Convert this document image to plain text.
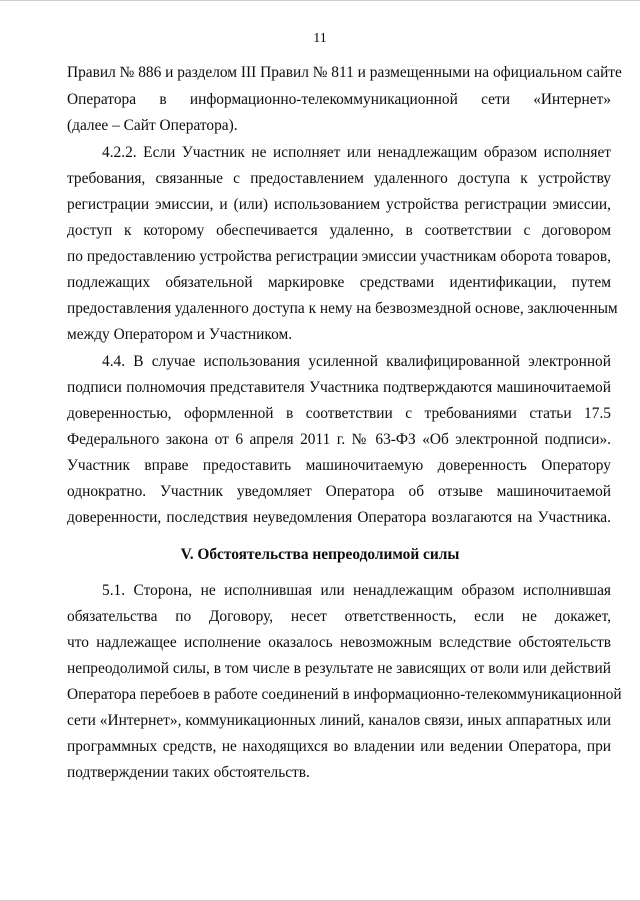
11
Правил № 886 и разделом III Правил № 811 и размещенными на официальном сайте
Оператора в информационно-телекоммуникационной сети «Интернет»
(далее – Сайт Оператора).
4.2.2. Если Участник не исполняет или ненадлежащим образом исполняет
требования, связанные с предоставлением удаленного доступа к устройству
регистрации эмиссии, и (или) использованием устройства регистрации эмиссии,
доступ к которому обеспечивается удаленно, в соответствии с договором
по предоставлению устройства регистрации эмиссии участникам оборота товаров,
подлежащих обязательной маркировке средствами идентификации, путем
предоставления удаленного доступа к нему на безвозмездной основе, заключенным
между Оператором и Участником.
4.4. В случае использования усиленной квалифицированной электронной
подписи полномочия представителя Участника подтверждаются машиночитаемой
доверенностью, оформленной в соответствии с требованиями статьи 17.5
Федерального закона от 6 апреля 2011 г. № 63-ФЗ «Об электронной подписи».
Участник вправе предоставить машиночитаемую доверенность Оператору
однократно. Участник уведомляет Оператора об отзыве машиночитаемой
доверенности, последствия неуведомления Оператора возлагаются на Участника.
V. Обстоятельства непреодолимой силы
5.1. Сторона, не исполнившая или ненадлежащим образом исполнившая
обязательства по Договору, несет ответственность, если не докажет,
что надлежащее исполнение оказалось невозможным вследствие обстоятельств
непреодолимой силы, в том числе в результате не зависящих от воли или действий
Оператора перебоев в работе соединений в информационно-телекоммуникационной
сети «Интернет», коммуникационных линий, каналов связи, иных аппаратных или
программных средств, не находящихся во владении или ведении Оператора, при
подтверждении таких обстоятельств.
